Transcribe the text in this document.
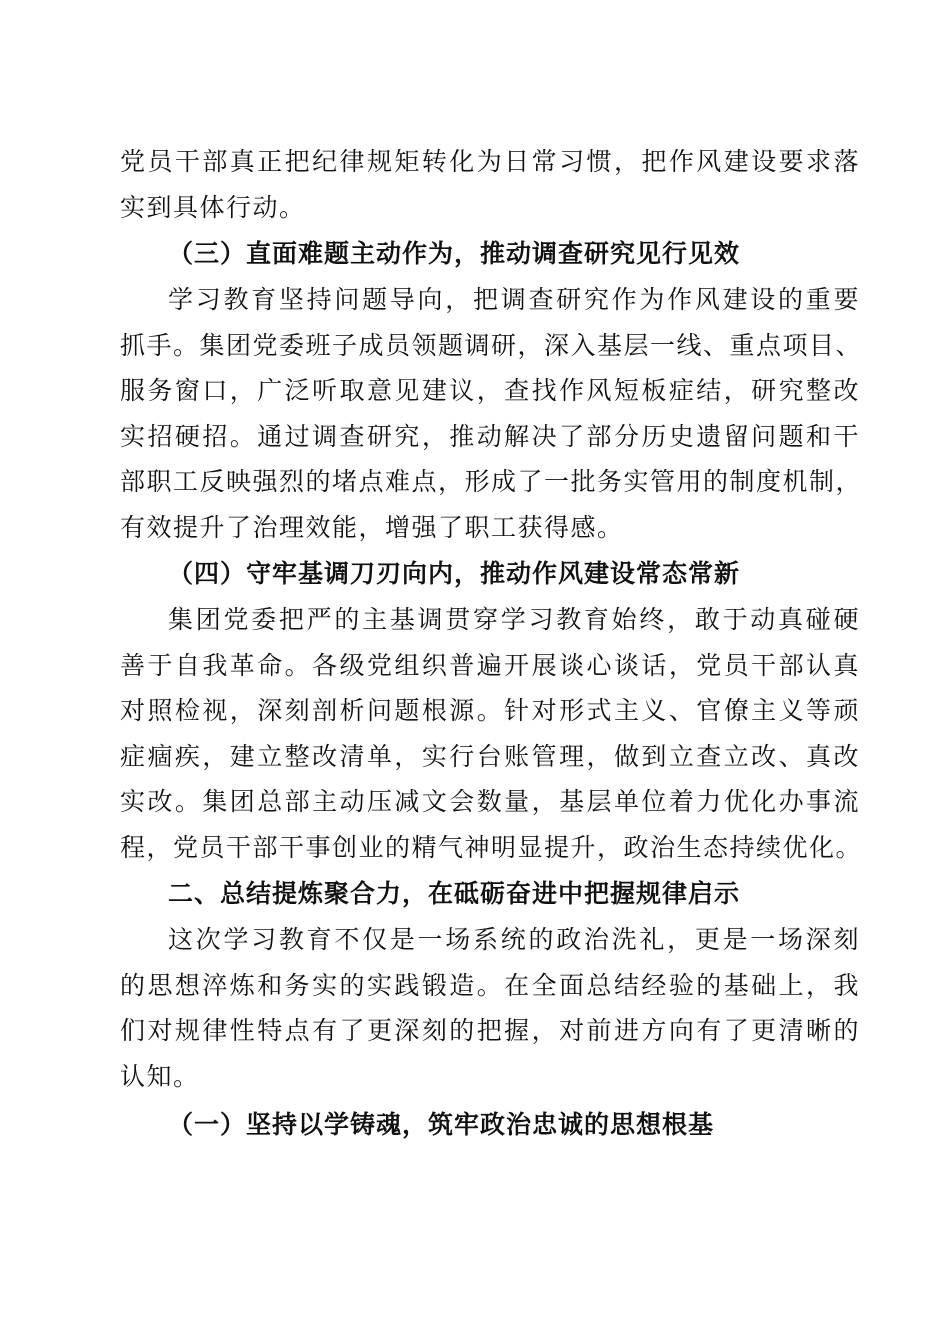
党员干部真正把纪律规矩转化为日常习惯，把作风建设要求落
实到具体行动。
（三）直面难题主动作为，推动调查研究见行见效
学习教育坚持问题导向，把调查研究作为作风建设的重要
抓手。集团党委班子成员领题调研，深入基层一线、重点项目、
服务窗口，广泛听取意见建议，查找作风短板症结，研究整改
实招硬招。通过调查研究，推动解决了部分历史遗留问题和干
部职工反映强烈的堵点难点，形成了一批务实管用的制度机制，
有效提升了治理效能，增强了职工获得感。
（四）守牢基调刀刃向内，推动作风建设常态常新
集团党委把严的主基调贯穿学习教育始终，敢于动真碰硬
善于自我革命。各级党组织普遍开展谈心谈话，党员干部认真
对照检视，深刻剖析问题根源。针对形式主义、官僚主义等顽
症痼疾，建立整改清单，实行台账管理，做到立查立改、真改
实改。集团总部主动压减文会数量，基层单位着力优化办事流
程，党员干部干事创业的精气神明显提升，政治生态持续优化。
二、总结提炼聚合力，在砥砺奋进中把握规律启示
这次学习教育不仅是一场系统的政治洗礼，更是一场深刻
的思想淬炼和务实的实践锻造。在全面总结经验的基础上，我
们对规律性特点有了更深刻的把握，对前进方向有了更清晰的
认知。
（一）坚持以学铸魂，筑牢政治忠诚的思想根基
